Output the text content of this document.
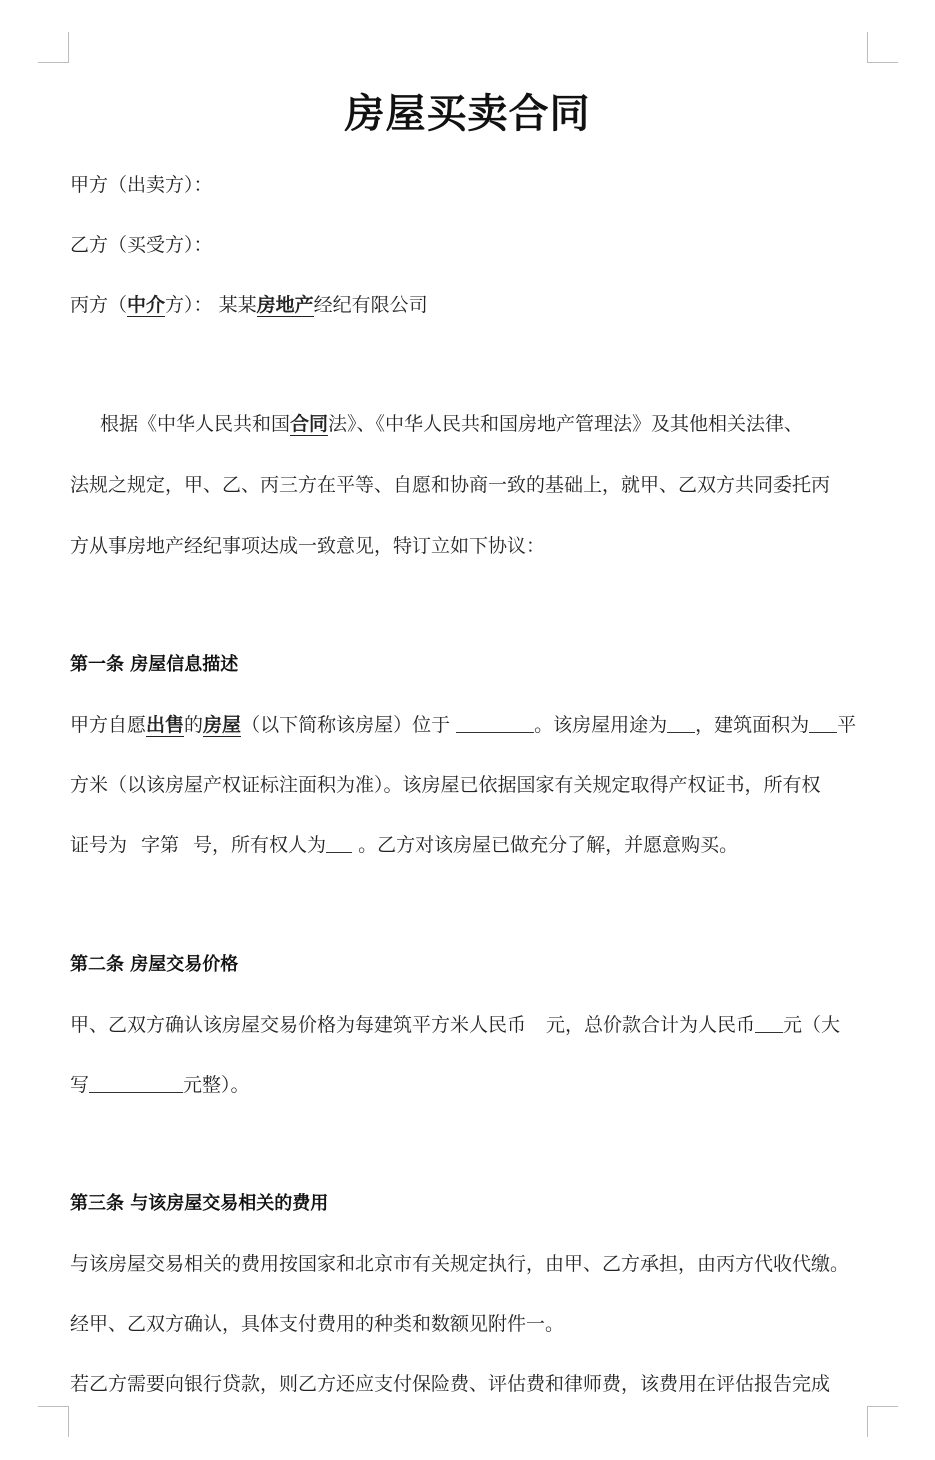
房屋买卖合同
甲方（出卖方）：
乙方（买受方）：
丙方（中介方）： 某某房地产经纪有限公司
根据《中华人民共和国合同法》、《中华人民共和国房地产管理法》及其他相关法律、
法规之规定，甲、乙、丙三方在平等、自愿和协商一致的基础上，就甲、乙双方共同委托丙
方从事房地产经纪事项达成一致意见，特订立如下协议：
第一条 房屋信息描述
甲方自愿出售的房屋（以下简称该房屋）位于	。该房屋用途为 ，建筑面积为 平
方米（以该房屋产权证标注面积为准）。该房屋已依据国家有关规定取得产权证书，所有权
证号为 字第 号，所有权人为 。乙方对该房屋已做充分了解，并愿意购买。
第二条 房屋交易价格
甲、乙双方确认该房屋交易价格为每建筑平方米人民币 元，总价款合计为人民币 元（大
写	元整）。
第三条 与该房屋交易相关的费用
与该房屋交易相关的费用按国家和北京市有关规定执行，由甲、乙方承担，由丙方代收代缴。
经甲、乙双方确认，具体支付费用的种类和数额见附件一。
若乙方需要向银行贷款，则乙方还应支付保险费、评估费和律师费，该费用在评估报告完成
